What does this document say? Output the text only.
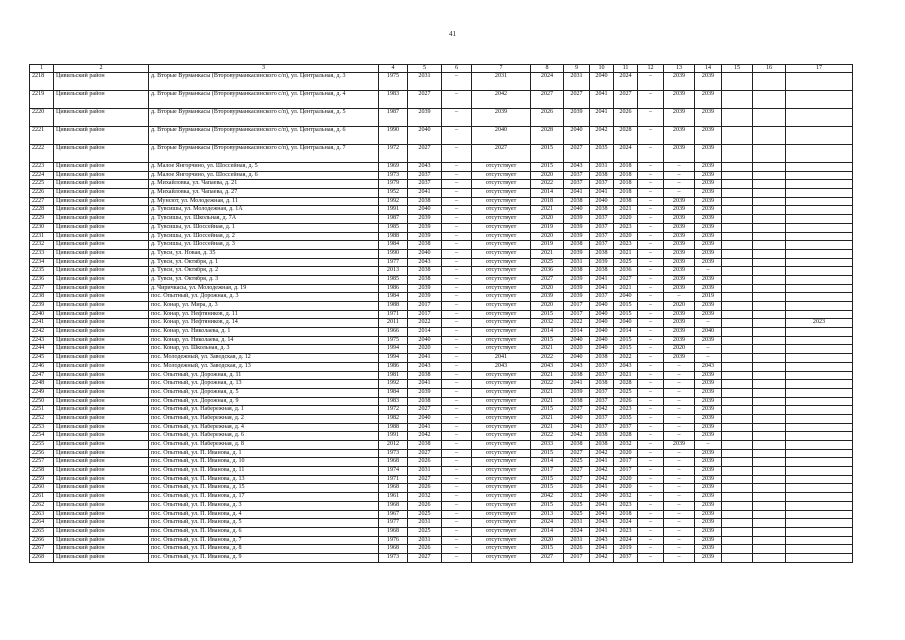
41
1	2	3	4	5	6	7	8	9	10	11	12	13	14	15	16	17
2218	Цивильский район	д. Вторые Вурманкасы (Второвурманкасинского с/п), ул. Центральная, д. 3	1975	2031	–	2031	2024	2031	2040	2024	–	2039	2039			
2219	Цивильский район	д. Вторые Вурманкасы (Второвурманкасинского с/п), ул. Центральная, д. 4	1983	2027	–	2042	2027	2027	2041	2027	–	2039	2039			
2220	Цивильский район	д. Вторые Вурманкасы (Второвурманкасинского с/п), ул. Центральная, д. 5	1987	2039	–	2039	2026	2039	2041	2026	–	2039	2039			
2221	Цивильский район	д. Вторые Вурманкасы (Второвурманкасинского с/п), ул. Центральная, д. 6	1990	2040	–	2040	2028	2040	2042	2028	–	2039	2039			
2222	Цивильский район	д. Вторые Вурманкасы (Второвурманкасинского с/п), ул. Центральная, д. 7	1972	2027	–	2027	2015	2027	2035	2024	–	2039	2039			
2223	Цивильский район	д. Малое Янгорчино, ул. Шоссейная, д. 5	1969	2043	–	отсутствует	2015	2043	2031	2018	–	–	2039			
2224	Цивильский район	д. Малое Янгорчино, ул. Шоссейная, д. 6	1973	2037	–	отсутствует	2020	2037	2038	2018	–	–	2039			
2225	Цивильский район	д. Михайловка, ул. Чапаева, д. 21	1979	2037	–	отсутствует	2022	2037	2037	2018	–	–	2039			
2226	Цивильский район	д. Михайловка, ул. Чапаева, д. 27	1952	2041	–	отсутствует	2014	2041	2041	2018	–	–	2039			
2227	Цивильский район	д. Мунсют, ул. Молодежная, д. 11	1992	2038	–	отсутствует	2018	2038	2040	2038	–	2039	2039			
2228	Цивильский район	д. Тувсишы, ул. Молодежная, д. 1А	1991	2040	–	отсутствует	2021	2040	2038	2021	–	2039	2039			
2229	Цивильский район	д. Тувсишы, ул. Школьная, д. 7А	1987	2039	–	отсутствует	2020	2039	2037	2020	–	2039	2039			
2230	Цивильский район	д. Тувсишы, ул. Шоссейная, д. 1	1985	2039	–	отсутствует	2019	2039	2037	2023	–	2039	2039			
2231	Цивильский район	д. Тувсишы, ул. Шоссейная, д. 2	1988	2039	–	отсутствует	2020	2039	2037	2020	–	2039	2039			
2232	Цивильский район	д. Тувсишы, ул. Шоссейная, д. 3	1984	2038	–	отсутствует	2019	2038	2037	2023	–	2039	2039			
2233	Цивильский район	д. Тувси, ул. Новая, д. 35	1990	2040	–	отсутствует	2021	2039	2038	2021	–	2039	2039			
2234	Цивильский район	д. Тувси, ул. Октября, д. 1	1977	2043	–	отсутствует	2025	2031	2039	2025	–	2039	2039			
2235	Цивильский район	д. Тувси, ул. Октября, д. 2	2013	2038	–	отсутствует	2036	2038	2038	2036	–	2039	–			
2236	Цивильский район	д. Тувси, ул. Октября, д. 3	1985	2038	–	отсутствует	2027	2039	2041	2027	–	2039	2039			
2237	Цивильский район	д. Чиричкасы, ул. Молодежная, д. 19	1986	2039	–	отсутствует	2020	2039	2041	2021	–	2039	2039			
2238	Цивильский район	пос. Опытный, ул. Дорожная, д. 3	1984	2039	–	отсутствует	2039	2039	2037	2040	–	–	2019			
2239	Цивильский район	пос. Конар, ул. Мира, д. 3	1988	2017	–	отсутствует	2020	2017	2040	2015	–	2020	2039			
2240	Цивильский район	пос. Конар, ул. Нефтяников, д. 11	1971	2017	–	отсутствует	2015	2017	2040	2015	–	2039	2039			
2241	Цивильский район	пос. Конар, ул. Нефтяников, д. 14	2011	2022	–	отсутствует	2032	2022	2040	2040	–	2039	–			2023
2242	Цивильский район	пос. Конар, ул. Николаева, д. 1	1966	2014	–	отсутствует	2014	2014	2040	2014	–	2039	2040			
2243	Цивильский район	пос. Конар, ул. Николаева, д. 14	1975	2040	–	отсутствует	2015	2040	2040	2015	–	2039	2039			
2244	Цивильский район	пос. Конар, ул. Школьная, д. 3	1994	2020	–	отсутствует	2021	2020	2040	2015	–	2020	–			
2245	Цивильский район	пос. Молодежный, ул. Заводская, д. 12	1994	2041	–	2041	2022	2040	2038	2022	–	2039	–			
2246	Цивильский район	пос. Молодежный, ул. Заводская, д. 13	1986	2043	–	2043	2043	2043	2037	2043	–	–	2043			
2247	Цивильский район	пос. Опытный, ул. Дорожная, д. 11	1981	2038	–	отсутствует	2021	2038	2037	2021	–	–	2039			
2248	Цивильский район	пос. Опытный, ул. Дорожная, д. 13	1992	2041	–	отсутствует	2022	2041	2038	2028	–	–	2039			
2249	Цивильский район	пос. Опытный, ул. Дорожная, д. 5	1984	2039	–	отсутствует	2021	2039	2037	2025	–	–	2039			
2250	Цивильский район	пос. Опытный, ул. Дорожная, д. 9	1983	2038	–	отсутствует	2021	2038	2037	2026	–	–	2039			
2251	Цивильский район	пос. Опытный, ул. Набережная, д. 1	1972	2027	–	отсутствует	2015	2027	2042	2023	–	–	2039			
2252	Цивильский район	пос. Опытный, ул. Набережная, д. 2	1982	2040	–	отсутствует	2021	2040	2037	2035	–	–	2039			
2253	Цивильский район	пос. Опытный, ул. Набережная, д. 4	1988	2041	–	отсутствует	2021	2041	2037	2037	–	–	2039			
2254	Цивильский район	пос. Опытный, ул. Набережная, д. 6	1991	2042	–	отсутствует	2022	2042	2038	2028	–	–	2039			
2255	Цивильский район	пос. Опытный, ул. Набережная, д. 8	2012	2038	–	отсутствует	2033	2038	2038	2032	–	2039	–			
2256	Цивильский район	пос. Опытный, ул. П. Иванова, д. 1	1973	2027	–	отсутствует	2015	2027	2042	2020	–	–	2039			
2257	Цивильский район	пос. Опытный, ул. П. Иванова, д. 10	1968	2026	–	отсутствует	2014	2025	2041	2017	–	–	2039			
2258	Цивильский район	пос. Опытный, ул. П. Иванова, д. 11	1974	2031	–	отсутствует	2017	2027	2042	2017	–	–	2039			
2259	Цивильский район	пос. Опытный, ул. П. Иванова, д. 13	1971	2027	–	отсутствует	2015	2027	2042	2020	–	–	2039			
2260	Цивильский район	пос. Опытный, ул. П. Иванова, д. 15	1968	2026	–	отсутствует	2015	2026	2041	2020	–	–	2039			
2261	Цивильский район	пос. Опытный, ул. П. Иванова, д. 17	1961	2032	–	отсутствует	2042	2032	2040	2032	–	–	2039			
2262	Цивильский район	пос. Опытный, ул. П. Иванова, д. 3	1968	2026	–	отсутствует	2015	2025	2041	2023	–	–	2039			
2263	Цивильский район	пос. Опытный, ул. П. Иванова, д. 4	1967	2025	–	отсутствует	2013	2025	2041	2018	–	–	2039			
2264	Цивильский район	пос. Опытный, ул. П. Иванова, д. 5	1977	2031	–	отсутствует	2024	2031	2043	2024	–	–	2039			
2265	Цивильский район	пос. Опытный, ул. П. Иванова, д. 6	1968	2025	–	отсутствует	2014	2024	2041	2023	–	–	2039			
2266	Цивильский район	пос. Опытный, ул. П. Иванова, д. 7	1976	2031	–	отсутствует	2020	2031	2043	2024	–	–	2039			
2267	Цивильский район	пос. Опытный, ул. П. Иванова, д. 8	1968	2026	–	отсутствует	2015	2026	2041	2019	–	–	2039			
2268	Цивильский район	пос. Опытный, ул. П. Иванова, д. 9	1973	2027	–	отсутствует	2027	2017	2042	2037	–	–	2039			
